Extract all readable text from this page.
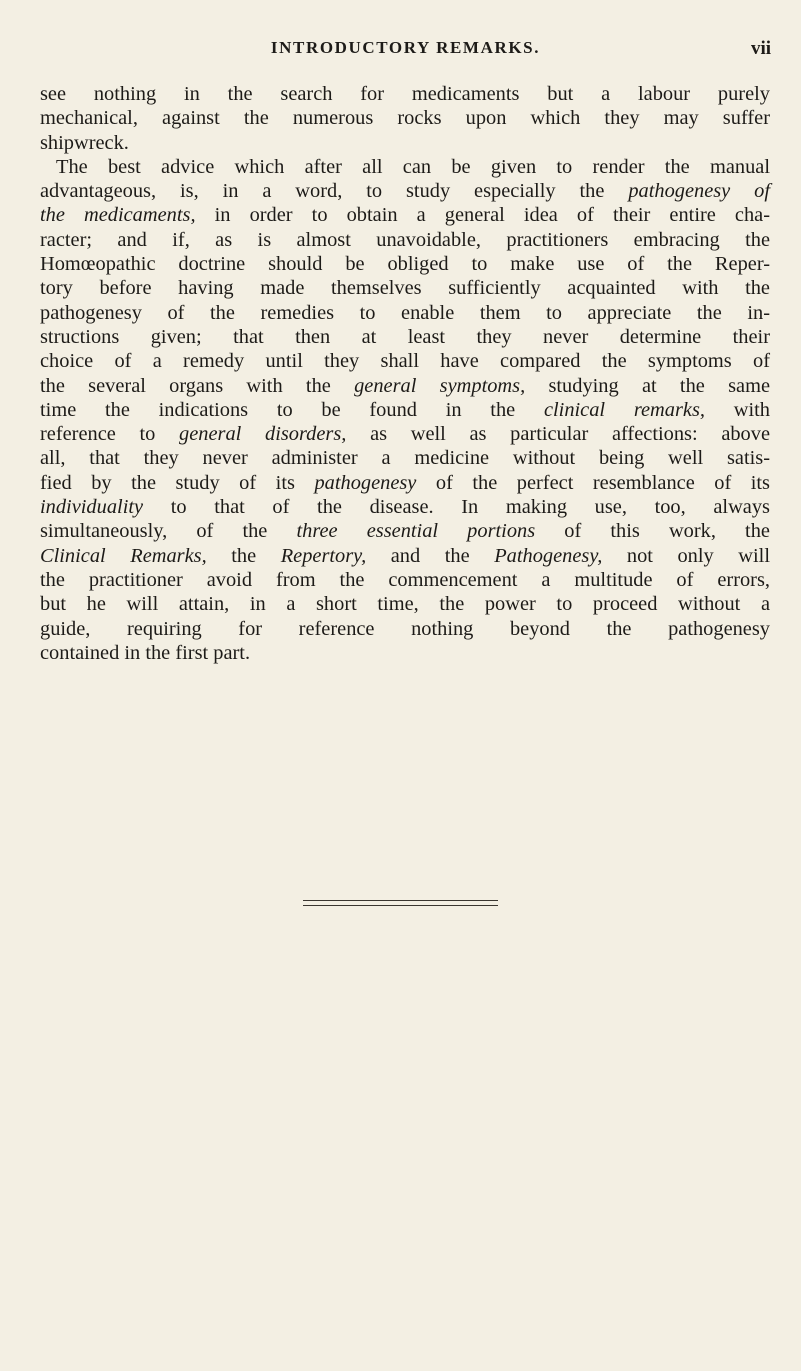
INTRODUCTORY REMARKS.	vii

see nothing in the search for medicaments but a labour purely
mechanical, against the numerous rocks upon which they may suffer
shipwreck.

The best advice which after all can be given to render the manual
advantageous, is, in a word, to study especially the pathogenesy of
the medicaments, in order to obtain a general idea of their entire cha-
racter; and if, as is almost unavoidable, practitioners embracing the
Homœopathic doctrine should be obliged to make use of the Reper-
tory before having made themselves sufficiently acquainted with the
pathogenesy of the remedies to enable them to appreciate the in-
structions given; that then at least they never determine their
choice of a remedy until they shall have compared the symptoms of
the several organs with the general symptoms, studying at the same
time the indications to be found in the clinical remarks, with
reference to general disorders, as well as particular affections: above
all, that they never administer a medicine without being well satis-
fied by the study of its pathogenesy of the perfect resemblance of its
individuality to that of the disease. In making use, too, always
simultaneously, of the three essential portions of this work, the
Clinical Remarks, the Repertory, and the Pathogenesy, not only will
the practitioner avoid from the commencement a multitude of errors,
but he will attain, in a short time, the power to proceed without a
guide, requiring for reference nothing beyond the pathogenesy
contained in the first part.
